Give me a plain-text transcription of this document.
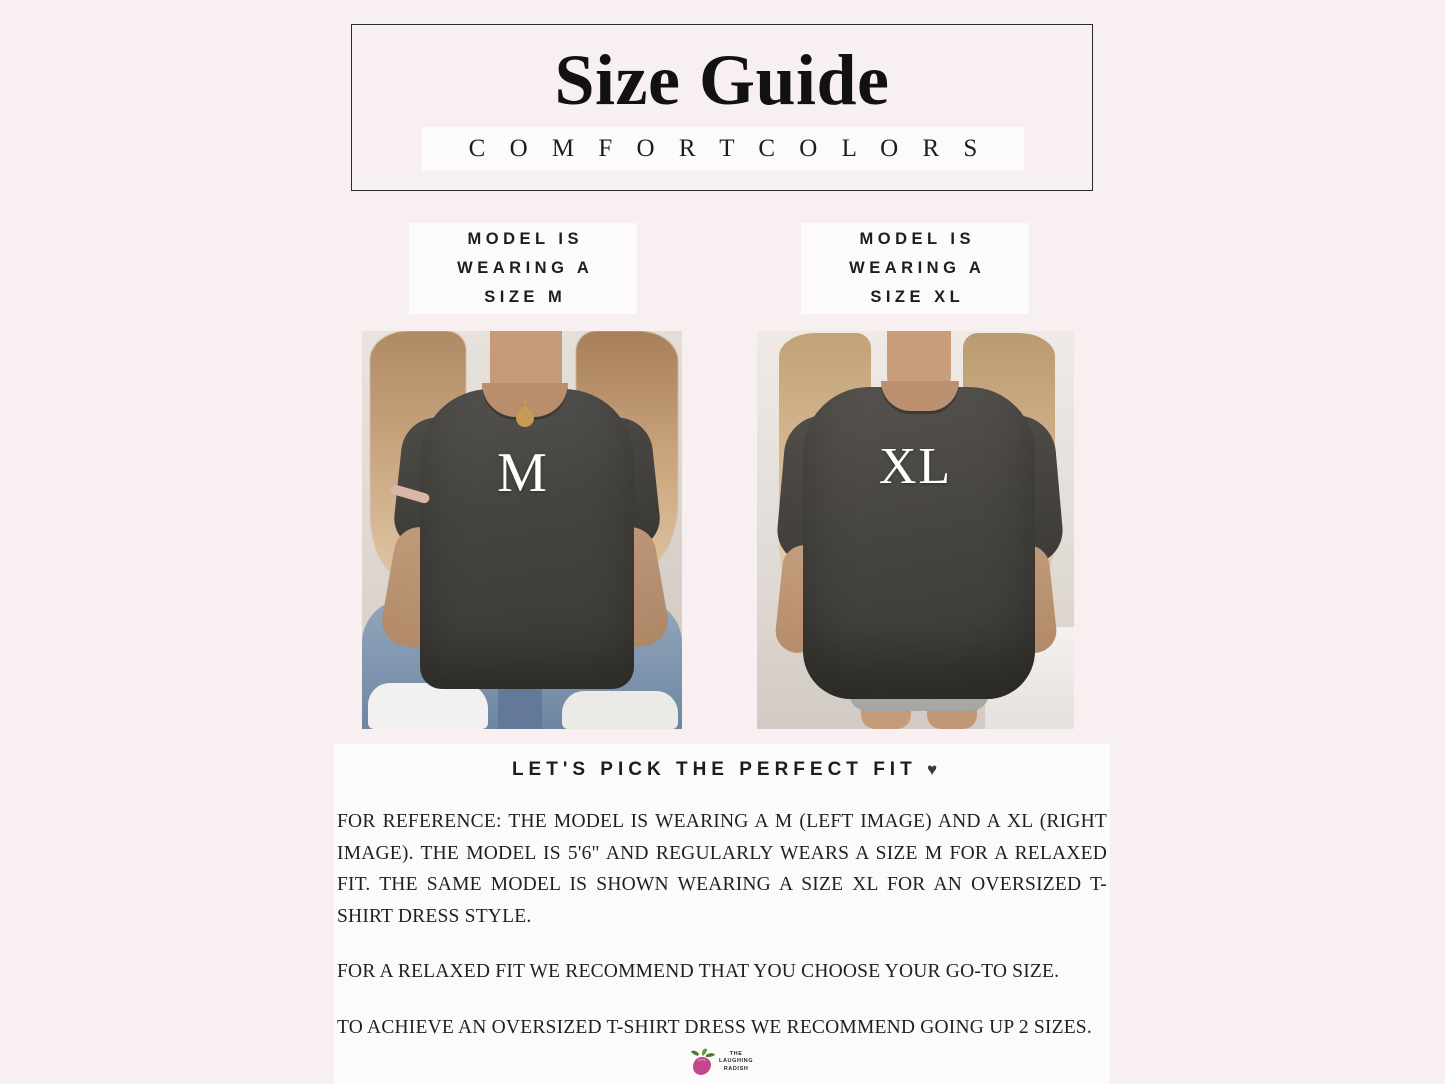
Size Guide
C O M F O R T C O L O R S
MODEL IS
WEARING A
SIZE M
MODEL IS
WEARING A
SIZE XL
M	XL
LET'S PICK THE PERFECT FIT ♥

FOR REFERENCE: THE MODEL IS WEARING A M (LEFT IMAGE) AND A XL (RIGHT IMAGE). THE MODEL IS 5'6" AND REGULARLY WEARS A SIZE M FOR A RELAXED FIT. THE SAME MODEL IS SHOWN WEARING A SIZE XL FOR AN OVERSIZED T-SHIRT DRESS STYLE.

FOR A RELAXED FIT WE RECOMMEND THAT YOU CHOOSE YOUR GO-TO SIZE.

TO ACHIEVE AN OVERSIZED T-SHIRT DRESS WE RECOMMEND GOING UP 2 SIZES.

THE
LAUGHING
RADISH
